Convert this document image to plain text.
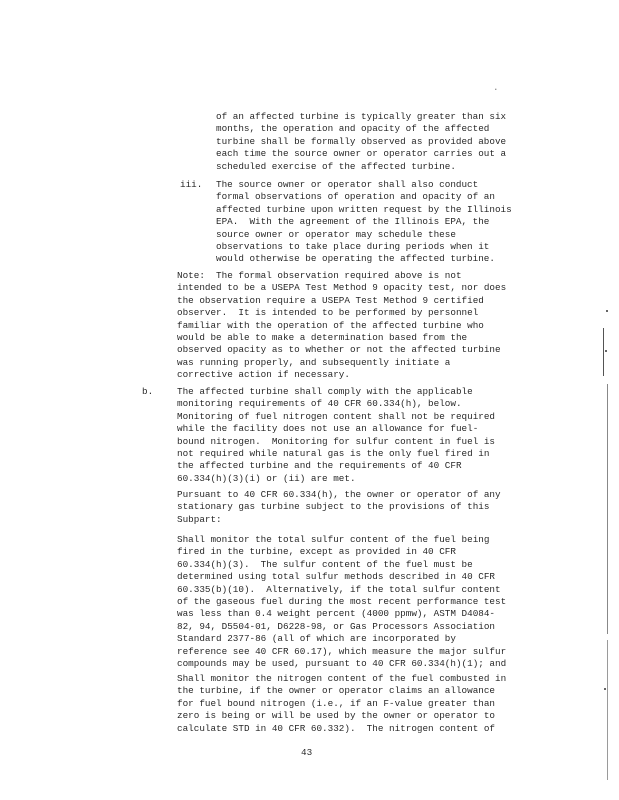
·
of an affected turbine is typically greater than six
months, the operation and opacity of the affected
turbine shall be formally observed as provided above
each time the source owner or operator carries out a
scheduled exercise of the affected turbine.
iii. The source owner or operator shall also conduct
formal observations of operation and opacity of an
affected turbine upon written request by the Illinois
EPA.  With the agreement of the Illinois EPA, the
source owner or operator may schedule these
observations to take place during periods when it
would otherwise be operating the affected turbine.
Note:  The formal observation required above is not
intended to be a USEPA Test Method 9 opacity test, nor does
the observation require a USEPA Test Method 9 certified
observer.  It is intended to be performed by personnel
familiar with the operation of the affected turbine who
would be able to make a determination based from the
observed opacity as to whether or not the affected turbine
was running properly, and subsequently initiate a
corrective action if necessary.
b.	The affected turbine shall comply with the applicable
monitoring requirements of 40 CFR 60.334(h), below.
Monitoring of fuel nitrogen content shall not be required
while the facility does not use an allowance for fuel-
bound nitrogen.  Monitoring for sulfur content in fuel is
not required while natural gas is the only fuel fired in
the affected turbine and the requirements of 40 CFR
60.334(h)(3)(i) or (ii) are met.
Pursuant to 40 CFR 60.334(h), the owner or operator of any
stationary gas turbine subject to the provisions of this
Subpart:
Shall monitor the total sulfur content of the fuel being
fired in the turbine, except as provided in 40 CFR
60.334(h)(3).  The sulfur content of the fuel must be
determined using total sulfur methods described in 40 CFR
60.335(b)(10).  Alternatively, if the total sulfur content
of the gaseous fuel during the most recent performance test
was less than 0.4 weight percent (4000 ppmw), ASTM D4084-
82, 94, D5504-01, D6228-98, or Gas Processors Association
Standard 2377-86 (all of which are incorporated by
reference see 40 CFR 60.17), which measure the major sulfur
compounds may be used, pursuant to 40 CFR 60.334(h)(1); and
Shall monitor the nitrogen content of the fuel combusted in
the turbine, if the owner or operator claims an allowance
for fuel bound nitrogen (i.e., if an F-value greater than
zero is being or will be used by the owner or operator to
calculate STD in 40 CFR 60.332).  The nitrogen content of
43
